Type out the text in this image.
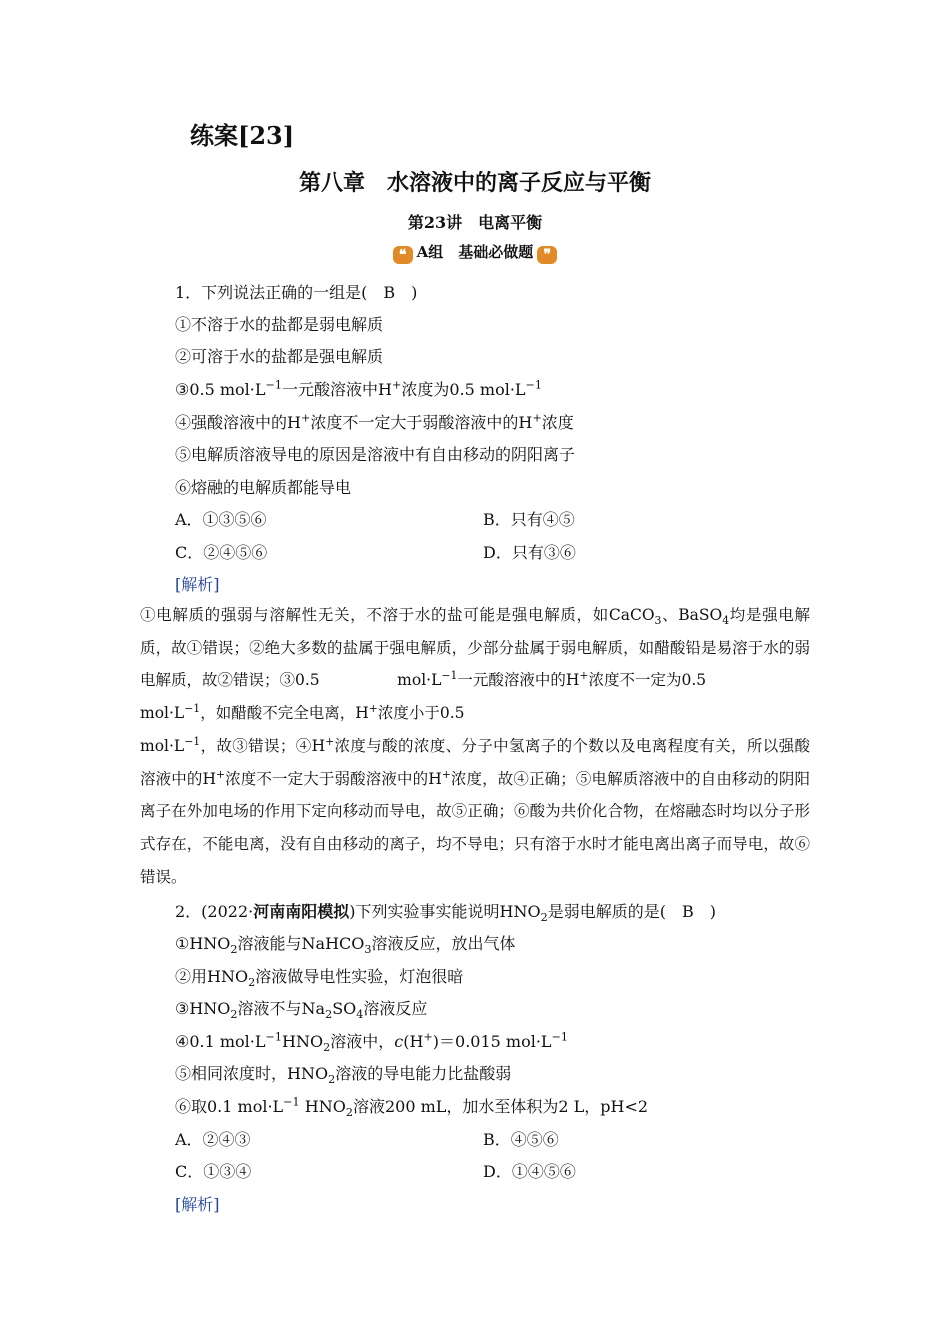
练案[23]
第八章　水溶液中的离子反应与平衡
第23讲　电离平衡
❝ A组　基础必做题 ❞
1．下列说法正确的一组是(　B　)
①不溶于水的盐都是弱电解质
②可溶于水的盐都是强电解质
③0.5 $mol\cdot L^{-1}$一元酸溶液中H+浓度为0.5 $mol\cdot L^{-1}$
④强酸溶液中的H+浓度不一定大于弱酸溶液中的H+浓度
⑤电解质溶液导电的原因是溶液中有自由移动的阴阳离子
⑥熔融的电解质都能导电
A．①③⑤⑥	B．只有④⑤
C．②④⑤⑥	D．只有③⑥
[解析]
①电解质的强弱与溶解性无关，不溶于水的盐可能是强电解质，如CaCO$_3$、BaSO$_4$均是强电解质，故①错误；②绝大多数的盐属于强电解质，少部分盐属于弱电解质，如醋酸铅是易溶于水的弱电解质，故②错误；③0.5　　　　　	$mol\cdot L^{-1}$一元酸溶液中的H+浓度不一定为0.5
$mol\cdot L^{-1}$，如醋酸不完全电离，H+浓度小于0.5
$mol\cdot L^{-1}$，故③错误；④H+浓度与酸的浓度、分子中氢离子的个数以及电离程度有关，所以强酸溶液中的H+浓度不一定大于弱酸溶液中的H+浓度，故④正确；⑤电解质溶液中的自由移动的阴阳离子在外加电场的作用下定向移动而导电，故⑤正确；⑥酸为共价化合物，在熔融态时均以分子形式存在，不能电离，没有自由移动的离子，均不导电；只有溶于水时才能电离出离子而导电，故⑥错误。
2．(2022·河南南阳模拟)下列实验事实能说明$HNO_2$是弱电解质的是(　B　)
$①HNO_2$溶液能与NaHCO$_3$溶液反应，放出气体
②用$HNO_2$溶液做导电性实验，灯泡很暗
$③HNO_2$溶液不与$Na_2SO_4$溶液反应
④0.1 $mol\cdot L^{-1}HNO_2$溶液中，c(H+)＝0.015 $mol\cdot L^{-1}$
⑤相同浓度时，$HNO_2$溶液的导电能力比盐酸弱
⑥取0.1 $mol\cdot L^{-1}$ $HNO_2$溶液200 mL，加水至体积为2 L，pH<2
A．②④③	B．④⑤⑥
C．①③④	D．①④⑤⑥
[解析]
